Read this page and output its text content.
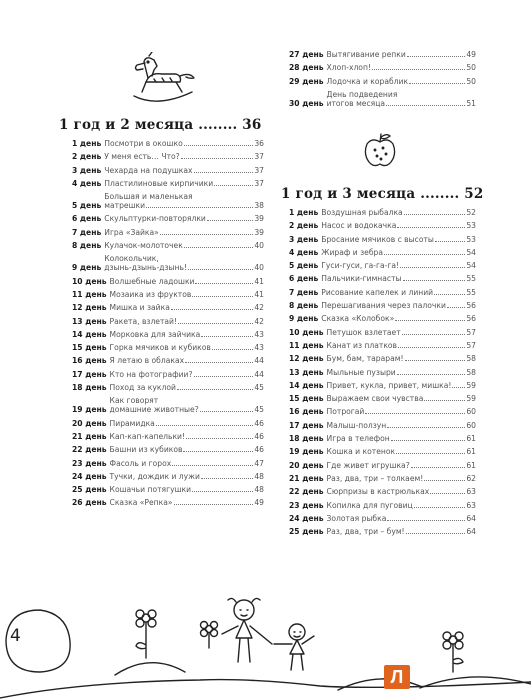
1 год и 2 месяца ........ 36
1 день Посмотри в окошко	36
2 день У меня есть… Что?	37
3 день Чехарда на подушках	37
4 день Пластилиновые кирпичики	37
5 день
Большая и маленькая
матрешки	38
6 день Скульптурки-повторялки	39
7 день Игра «Зайка»	39
8 день Кулачок-молоточек	40
9 день
Колокольчик,
дзынь-дзынь-дзынь!	40
10 день Волшебные ладошки	41
11 день Мозаика из фруктов	41
12 день Мишка и зайка	42
13 день Ракета, взлетай!	42
14 день Морковка для зайчика	43
15 день Горка мячиков и кубиков	43
16 день Я летаю в облаках	44
17 день Кто на фотографии?	44
18 день Поход за куклой	45
19 день
Как говорят
домашние животные?	45
20 день Пирамидка	46
21 день Кап-кап-капельки!	46
22 день Башни из кубиков	46
23 день Фасоль и горох	47
24 день Тучки, дождик и лужи	48
25 день Кошачьи потягушки	48
26 день Сказка «Репка»	49
27 день Вытягивание репки	49
28 день Хлоп-хлоп!	50
29 день Лодочка и кораблик	50
30 день
День подведения
итогов месяца	51
1 год и 3 месяца ........ 52
1 день Воздушная рыбалка	52
2 день Насос и водокачка	53
3 день Бросание мячиков с высоты	53
4 день Жираф и зебра	54
5 день Гуси-гуси, га-га-га!	54
6 день Пальчики-гимнасты	55
7 день Рисование капелек и линий	55
8 день Перешагивания через палочки	56
9 день Сказка «Колобок»	56
10 день Петушок взлетает	57
11 день Канат из платков	57
12 день Бум, бам, тарарам!	58
13 день Мыльные пузыри	58
14 день Привет, кукла, привет, мишка! 59
15 день Выражаем свои чувства	59
16 день Потрогай	60
17 день Малыш-ползун	60
18 день Игра в телефон	61
19 день Кошка и котенок	61
20 день Где живет игрушка?	61
21 день Раз, два, три – толкаем!	62
22 день Сюрпризы в кастрюльках	63
23 день Копилка для пуговиц	63
24 день Золотая рыбка	64
25 день Раз, два, три – бум!	64
4
Л
